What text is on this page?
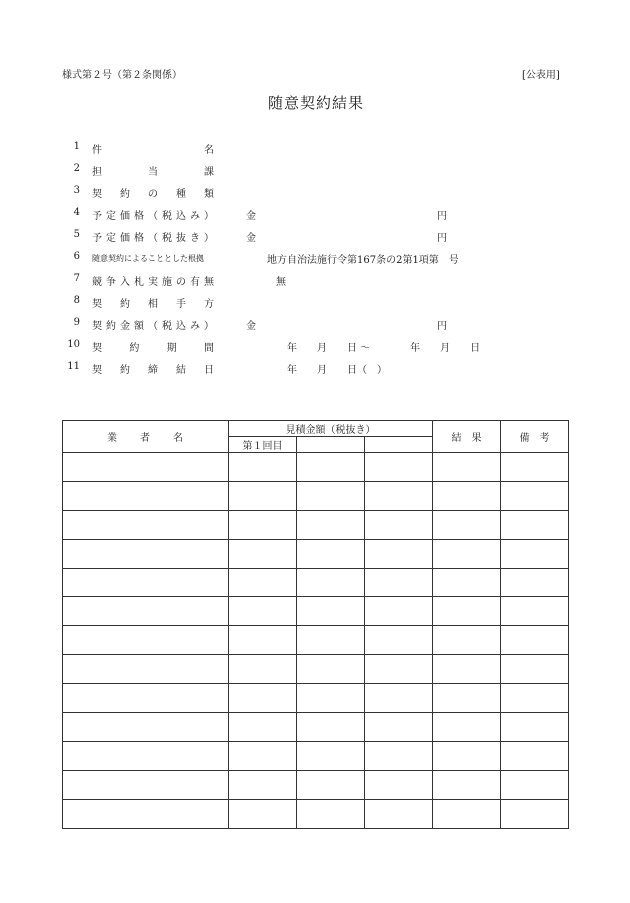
様式第２号（第２条関係）	[公表用]
随意契約結果
1 件	名
2 担	当	課
3 契 約 の 種 類
4 予 定 価 格 （ 税 込 み ）	金	円
5 予 定 価 格 （ 税 抜 き ）	金	円
6 随意契約によることとした根拠	地方自治法施行令第167条の2第1項第　号
7 競 争 入 札 実 施 の 有 無	無
8 契 約 相 手 方
9 契 約 金 額 （ 税 込 み ）	金	円
10 契	約	期	間	年　　月　　日 〜　　　　年　　月　　日
11 契 約 締 結 日	年　　月　　日（　）
業　　者　　名	見積金額（税抜き）			結　果	備　考
	第１回目				
